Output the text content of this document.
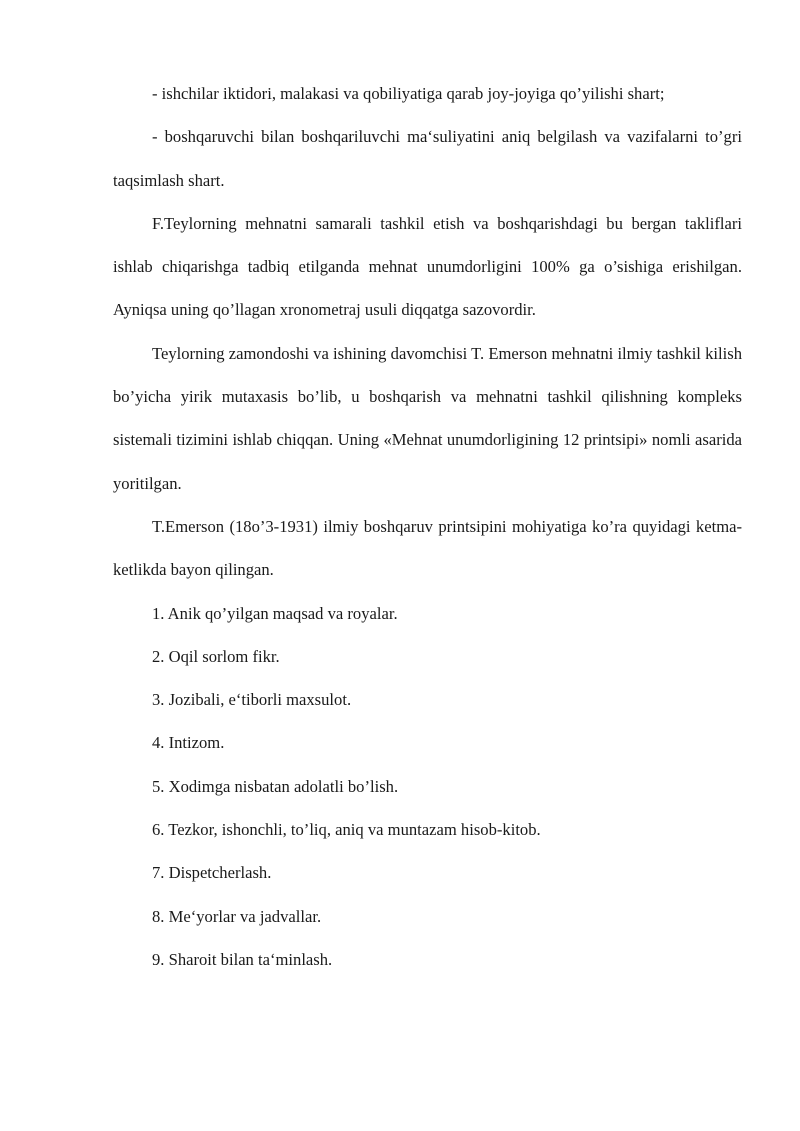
- ishchilar iktidori, malakasi va qobiliyatiga qarab joy-joyiga qo’yilishi shart;

- boshqaruvchi bilan boshqariluvchi ma‘suliyatini aniq belgilash va vazifalarni to’gri taqsimlash shart.

F.Teylorning mehnatni samarali tashkil etish va boshqarishdagi bu bergan takliflari ishlab chiqarishga tadbiq etilganda mehnat unumdorligini 100% ga o’sishiga erishilgan. Ayniqsa uning qo’llagan xronometraj usuli diqqatga sazovordir.

Teylorning zamondoshi va ishining davomchisi T. Emerson mehnatni ilmiy tashkil kilish bo’yicha yirik mutaxasis bo’lib, u boshqarish va mehnatni tashkil qilishning kompleks sistemali tizimini ishlab chiqqan. Uning «Mehnat unumdorligining 12 printsipi» nomli asarida yoritilgan.

T.Emerson (18o’3-1931) ilmiy boshqaruv printsipini mohiyatiga ko’ra quyidagi ketma-ketlikda bayon qilingan.

1. Anik qo’yilgan maqsad va royalar.

2. Oqil sorlom fikr.

3. Jozibali, e‘tiborli maxsulot.

4. Intizom.

5. Xodimga nisbatan adolatli bo’lish.

6. Tezkor, ishonchli, to’liq, aniq va muntazam hisob-kitob.

7. Dispetcherlash.

8. Me‘yorlar va jadvallar.

9. Sharoit bilan ta‘minlash.
